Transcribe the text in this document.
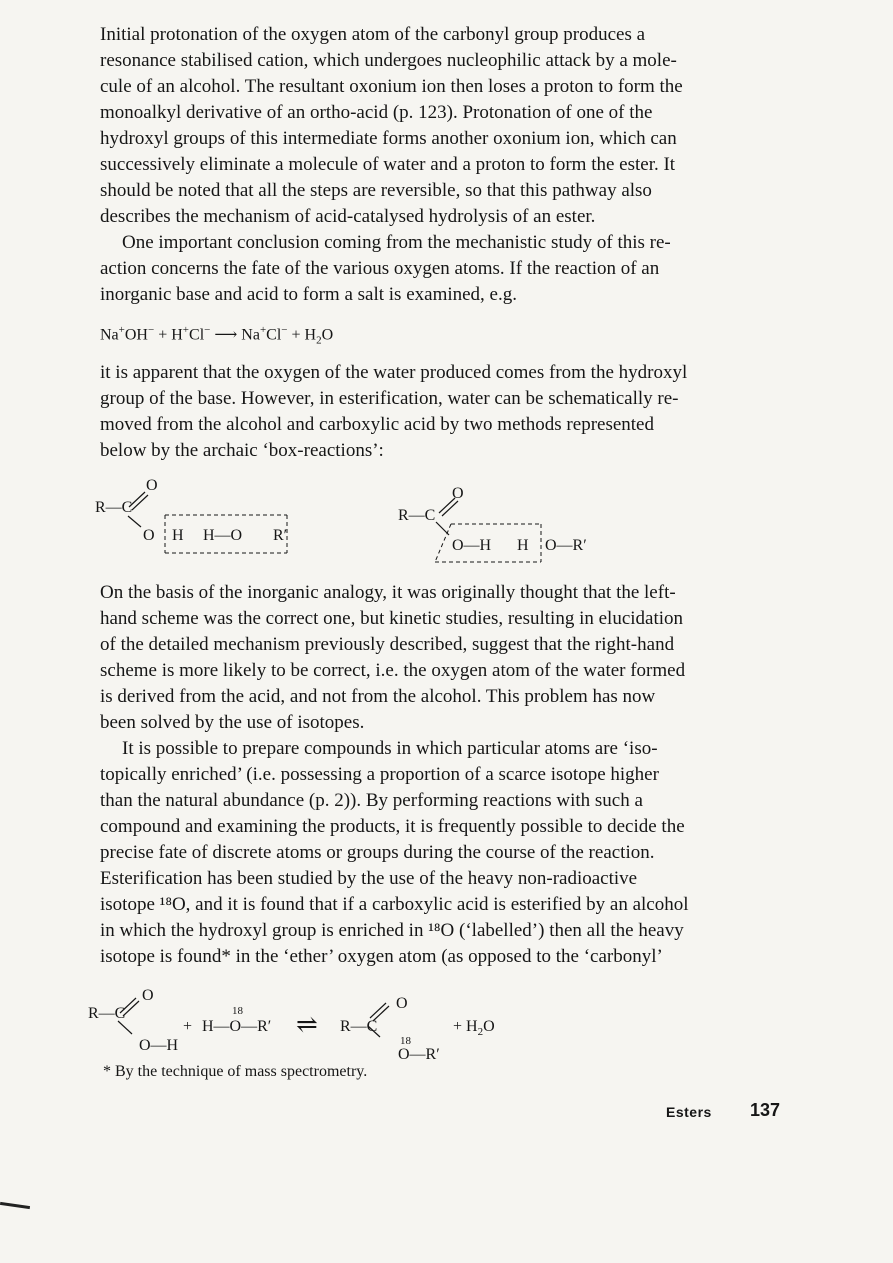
Initial protonation of the oxygen atom of the carbonyl group produces a
resonance stabilised cation, which undergoes nucleophilic attack by a mole-
cule of an alcohol. The resultant oxonium ion then loses a proton to form the
monoalkyl derivative of an ortho-acid (p. 123). Protonation of one of the
hydroxyl groups of this intermediate forms another oxonium ion, which can
successively eliminate a molecule of water and a proton to form the ester. It
should be noted that all the steps are reversible, so that this pathway also
describes the mechanism of acid-catalysed hydrolysis of an ester.
One important conclusion coming from the mechanistic study of this re-
action concerns the fate of the various oxygen atoms. If the reaction of an
inorganic base and acid to form a salt is examined, e.g.
Na+OH− + H+Cl− ⟶ $Na^+Cl^- + H_2O$
it is apparent that the oxygen of the water produced comes from the hydroxyl
group of the base. However, in esterification, water can be schematically re-
moved from the alcohol and carboxylic acid by two methods represented
below by the archaic ‘box-reactions’:
R—C
O
O H H—O R′
R—C
O
O—H H O—R′
On the basis of the inorganic analogy, it was originally thought that the left-
hand scheme was the correct one, but kinetic studies, resulting in elucidation
of the detailed mechanism previously described, suggest that the right-hand
scheme is more likely to be correct, i.e. the oxygen atom of the water formed
is derived from the acid, and not from the alcohol. This problem has now
been solved by the use of isotopes.
It is possible to prepare compounds in which particular atoms are ‘iso-
topically enriched’ (i.e. possessing a proportion of a scarce isotope higher
than the natural abundance (p. 2)). By performing reactions with such a
compound and examining the products, it is frequently possible to decide the
precise fate of discrete atoms or groups during the course of the reaction.
Esterification has been studied by the use of the heavy non-radioactive
isotope ¹⁸O, and it is found that if a carboxylic acid is esterified by an alcohol
in which the hydroxyl group is enriched in ¹⁸O (‘labelled’) then all the heavy
isotope is found* in the ‘ether’ oxygen atom (as opposed to the ‘carbonyl’
R—C
O
O—H
+
18
H—O—R′ ⇌ R—C
O
18
O—R′
+ $H_2O$
* By the technique of mass spectrometry.
Esters 137
